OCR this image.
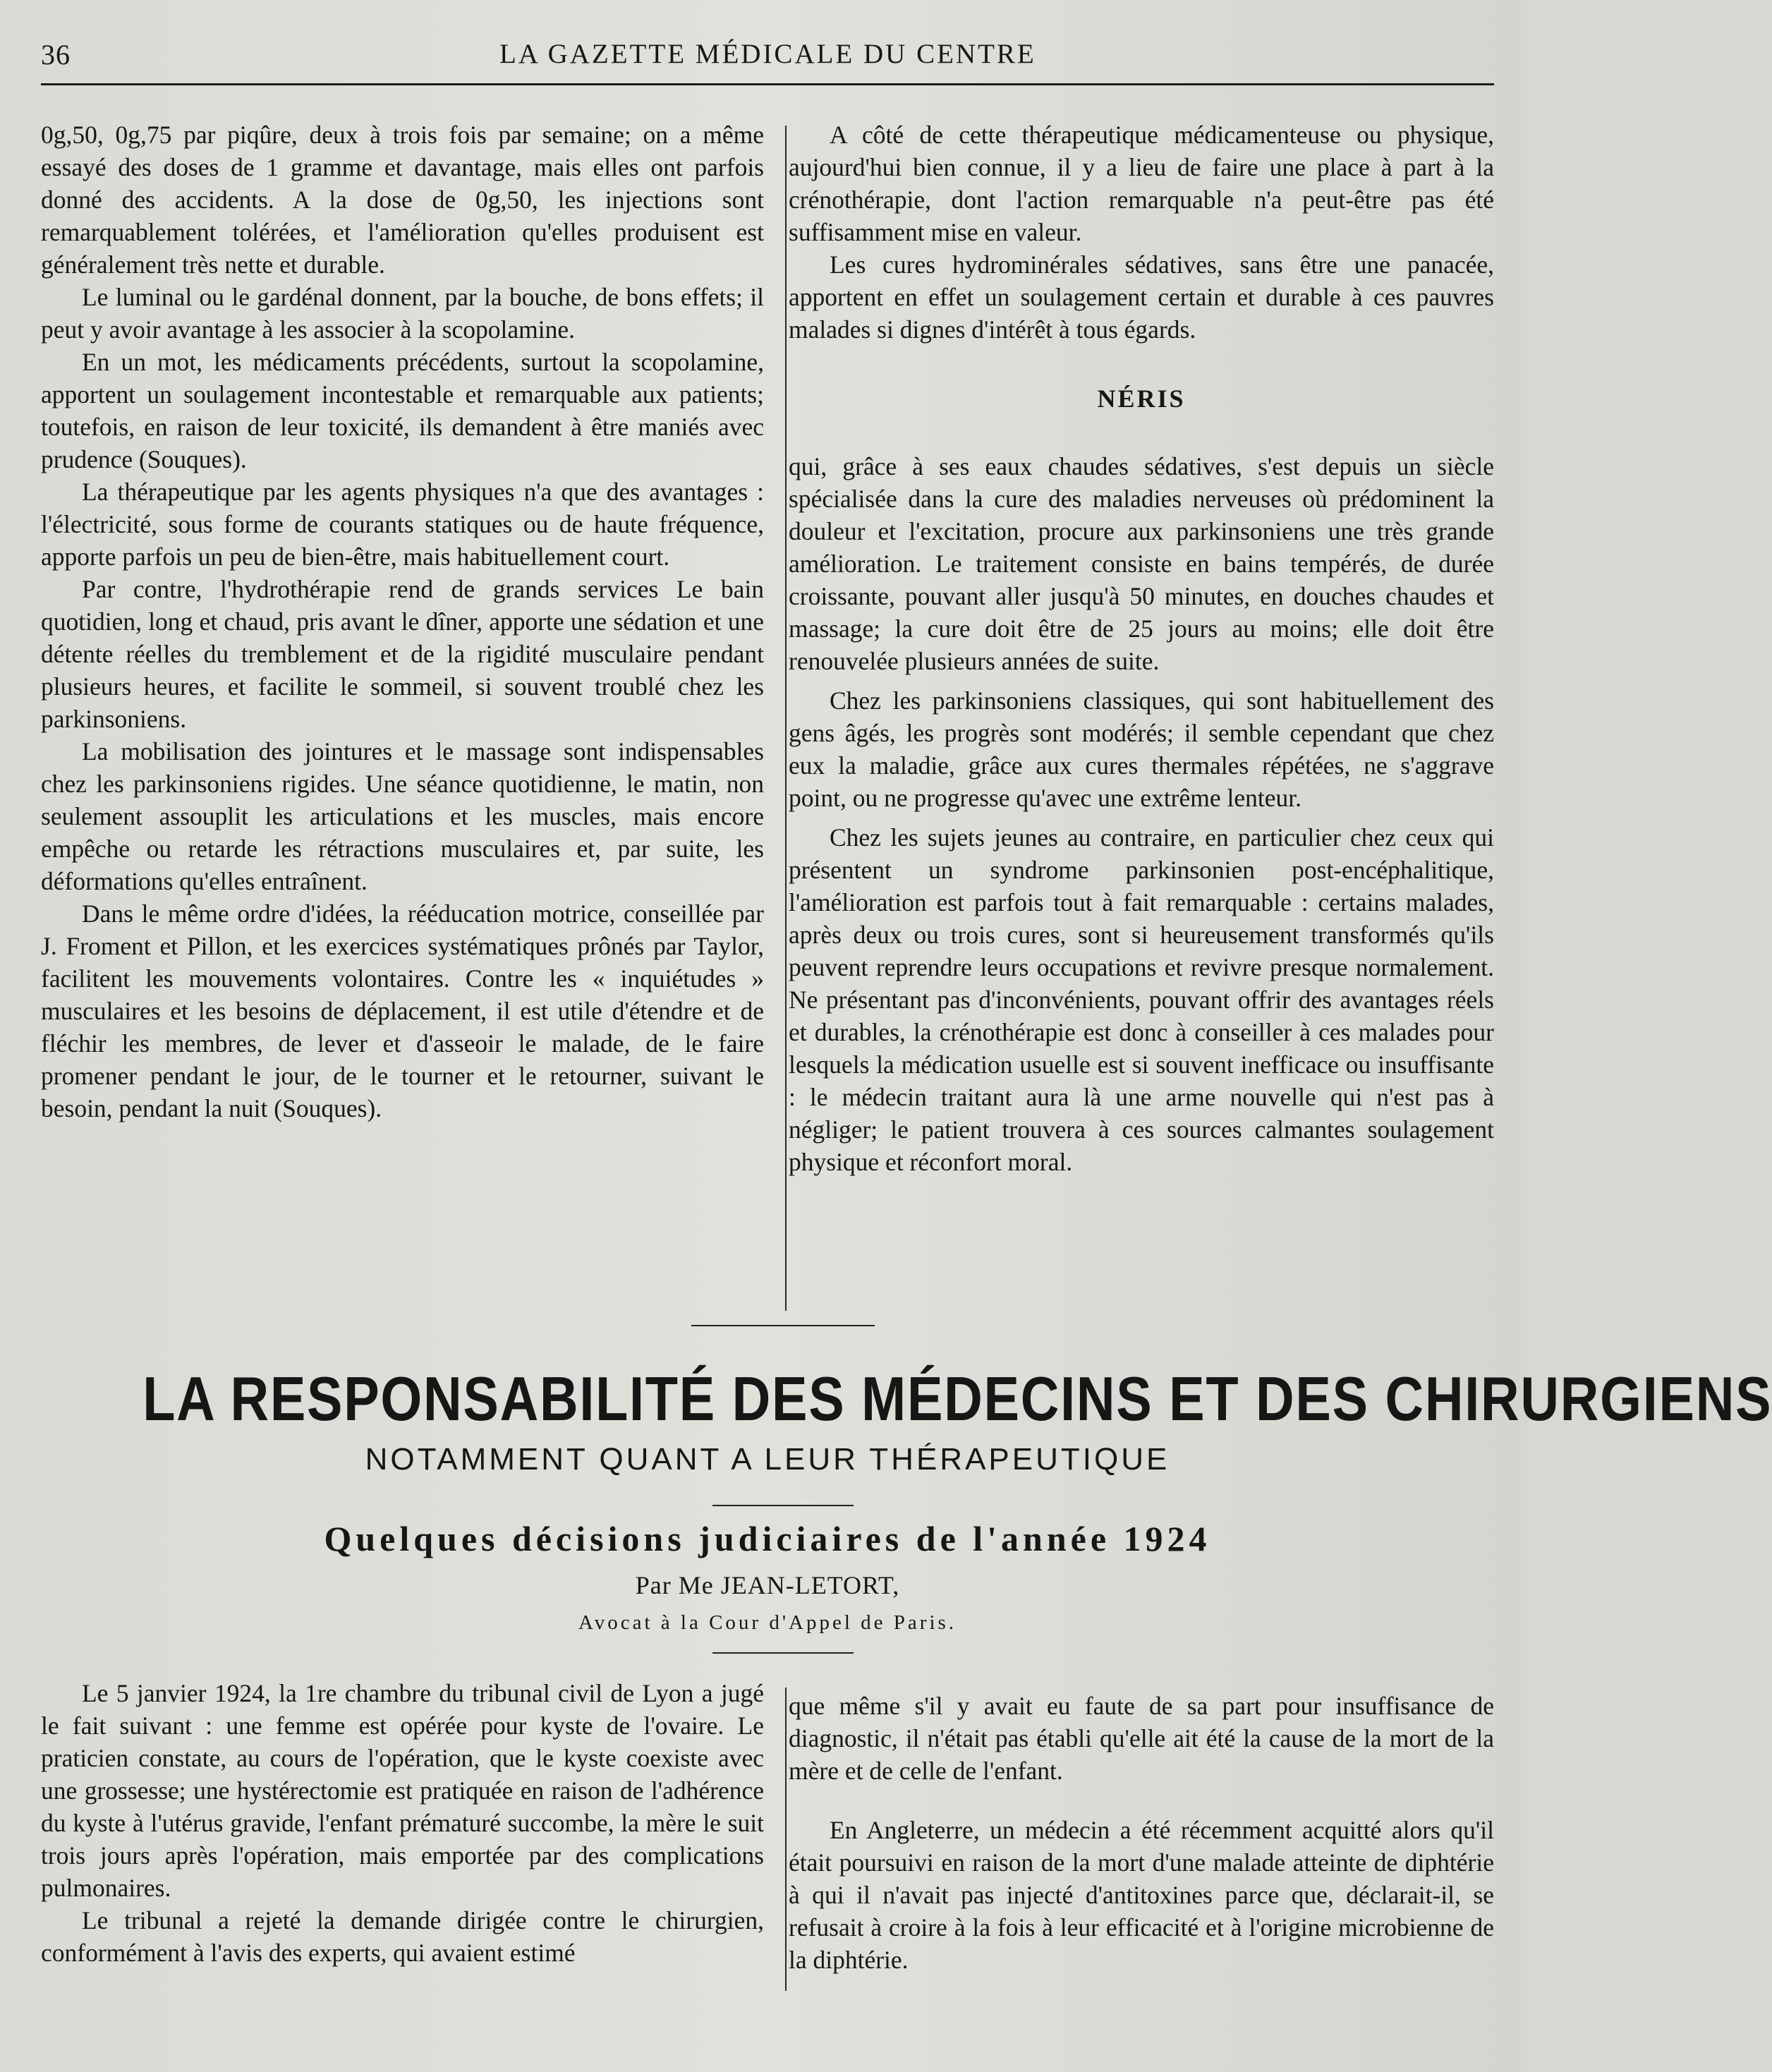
36	LA GAZETTE MÉDICALE DU CENTRE

0g,50, 0g,75 par piqûre, deux à trois fois par semaine; on a même essayé des doses de 1 gramme et davantage, mais elles ont parfois donné des accidents. A la dose de 0g,50, les injections sont remarquablement tolérées, et l'amélioration qu'elles produisent est généralement très nette et durable.

Le luminal ou le gardénal donnent, par la bouche, de bons effets; il peut y avoir avantage à les associer à la scopolamine.

En un mot, les médicaments précédents, surtout la scopolamine, apportent un soulagement incontestable et remarquable aux patients; toutefois, en raison de leur toxicité, ils demandent à être maniés avec prudence (Souques).

La thérapeutique par les agents physiques n'a que des avantages : l'électricité, sous forme de courants statiques ou de haute fréquence, apporte parfois un peu de bien-être, mais habituellement court.

Par contre, l'hydrothérapie rend de grands services Le bain quotidien, long et chaud, pris avant le dîner, apporte une sédation et une détente réelles du tremblement et de la rigidité musculaire pendant plusieurs heures, et facilite le sommeil, si souvent troublé chez les parkinsoniens.

La mobilisation des jointures et le massage sont indispensables chez les parkinsoniens rigides. Une séance quotidienne, le matin, non seulement assouplit les articulations et les muscles, mais encore empêche ou retarde les rétractions musculaires et, par suite, les déformations qu'elles entraînent.

Dans le même ordre d'idées, la rééducation motrice, conseillée par J. Froment et Pillon, et les exercices systématiques prônés par Taylor, facilitent les mouvements volontaires. Contre les « inquiétudes » musculaires et les besoins de déplacement, il est utile d'étendre et de fléchir les membres, de lever et d'asseoir le malade, de le faire promener pendant le jour, de le tourner et le retourner, suivant le besoin, pendant la nuit (Souques).

A côté de cette thérapeutique médicamenteuse ou physique, aujourd'hui bien connue, il y a lieu de faire une place à part à la crénothérapie, dont l'action remarquable n'a peut-être pas été suffisamment mise en valeur.

Les cures hydrominérales sédatives, sans être une panacée, apportent en effet un soulagement certain et durable à ces pauvres malades si dignes d'intérêt à tous égards.

NÉRIS

qui, grâce à ses eaux chaudes sédatives, s'est depuis un siècle spécialisée dans la cure des maladies nerveuses où prédominent la douleur et l'excitation, procure aux parkinsoniens une très grande amélioration. Le traitement consiste en bains tempérés, de durée croissante, pouvant aller jusqu'à 50 minutes, en douches chaudes et massage; la cure doit être de 25 jours au moins; elle doit être renouvelée plusieurs années de suite.

Chez les parkinsoniens classiques, qui sont habituellement des gens âgés, les progrès sont modérés; il semble cependant que chez eux la maladie, grâce aux cures thermales répétées, ne s'aggrave point, ou ne progresse qu'avec une extrême lenteur.

Chez les sujets jeunes au contraire, en particulier chez ceux qui présentent un syndrome parkinsonien post-encéphalitique, l'amélioration est parfois tout à fait remarquable : certains malades, après deux ou trois cures, sont si heureusement transformés qu'ils peuvent reprendre leurs occupations et revivre presque normalement. Ne présentant pas d'inconvénients, pouvant offrir des avantages réels et durables, la crénothérapie est donc à conseiller à ces malades pour lesquels la médication usuelle est si souvent inefficace ou insuffisante : le médecin traitant aura là une arme nouvelle qui n'est pas à négliger; le patient trouvera à ces sources calmantes soulagement physique et réconfort moral.

LA RESPONSABILITÉ DES MÉDECINS ET DES CHIRURGIENS
NOTAMMENT QUANT A LEUR THÉRAPEUTIQUE
Quelques décisions judiciaires de l'année 1924
Par Me JEAN-LETORT,
Avocat à la Cour d'Appel de Paris.

Le 5 janvier 1924, la 1re chambre du tribunal civil de Lyon a jugé le fait suivant : une femme est opérée pour kyste de l'ovaire. Le praticien constate, au cours de l'opération, que le kyste coexiste avec une grossesse; une hystérectomie est pratiquée en raison de l'adhérence du kyste à l'utérus gravide, l'enfant prématuré succombe, la mère le suit trois jours après l'opération, mais emportée par des complications pulmonaires.

Le tribunal a rejeté la demande dirigée contre le chirurgien, conformément à l'avis des experts, qui avaient estimé

que même s'il y avait eu faute de sa part pour insuffisance de diagnostic, il n'était pas établi qu'elle ait été la cause de la mort de la mère et de celle de l'enfant.

En Angleterre, un médecin a été récemment acquitté alors qu'il était poursuivi en raison de la mort d'une malade atteinte de diphtérie à qui il n'avait pas injecté d'antitoxines parce que, déclarait-il, se refusait à croire à la fois à leur efficacité et à l'origine microbienne de la diphtérie.
